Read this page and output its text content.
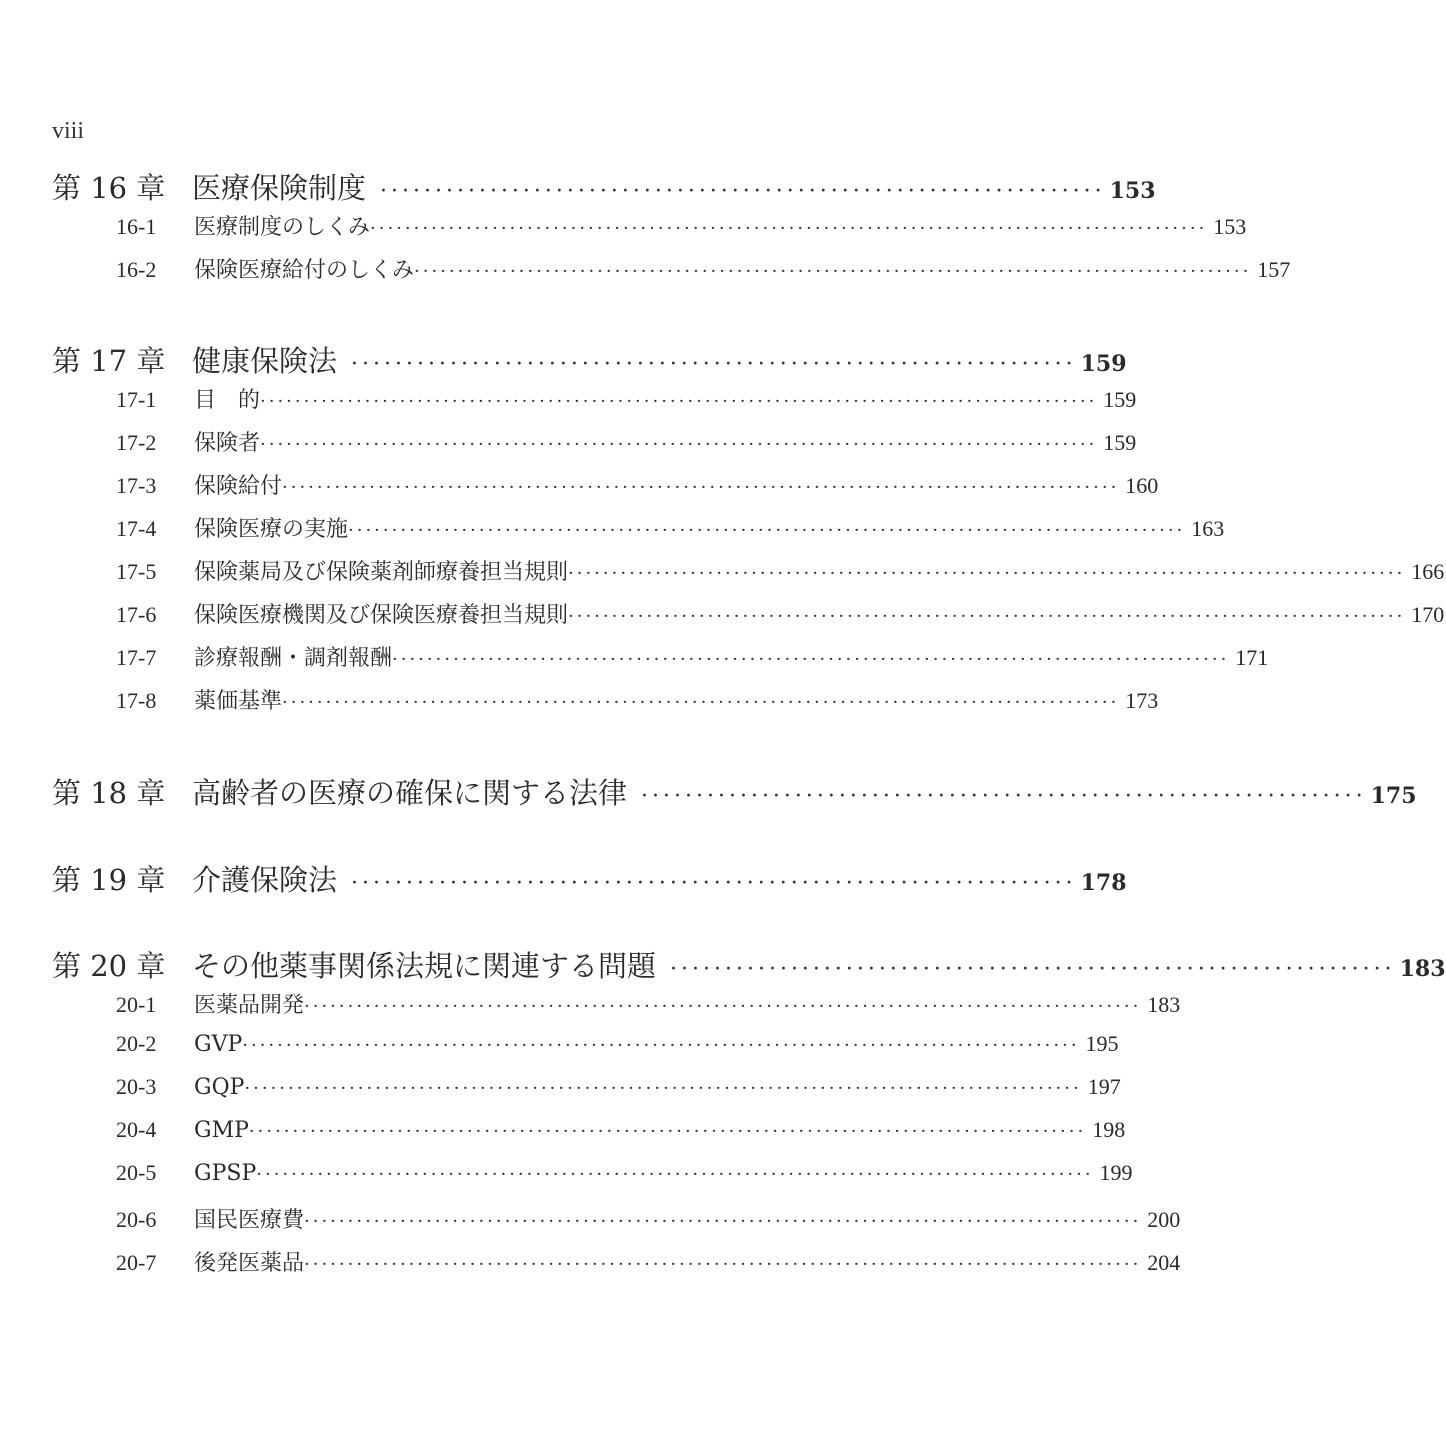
viii
第 16 章 医療保険制度 ·································································· 153
16-1	医療制度のしくみ ································································································ 153
16-2	保険医療給付のしくみ ································································································ 157
第 17 章 健康保険法 ·································································· 159
17-1	目　的 ································································································ 159
17-2	保険者 ································································································ 159
17-3	保険給付 ································································································ 160
17-4	保険医療の実施 ································································································ 163
17-5	保険薬局及び保険薬剤師療養担当規則 ································································································ 166
17-6	保険医療機関及び保険医療養担当規則 ································································································ 170
17-7	診療報酬・調剤報酬 ································································································ 171
17-8	薬価基準 ································································································ 173
第 18 章 高齢者の医療の確保に関する法律 ·································································· 175
第 19 章 介護保険法 ·································································· 178
第 20 章 その他薬事関係法規に関連する問題 ·································································· 183
20-1	医薬品開発 ································································································ 183
20-2	GVP ································································································ 195
20-3	GQP ································································································ 197
20-4	GMP ································································································ 198
20-5	GPSP ································································································ 199
20-6	国民医療費 ································································································ 200
20-7	後発医薬品 ································································································ 204
